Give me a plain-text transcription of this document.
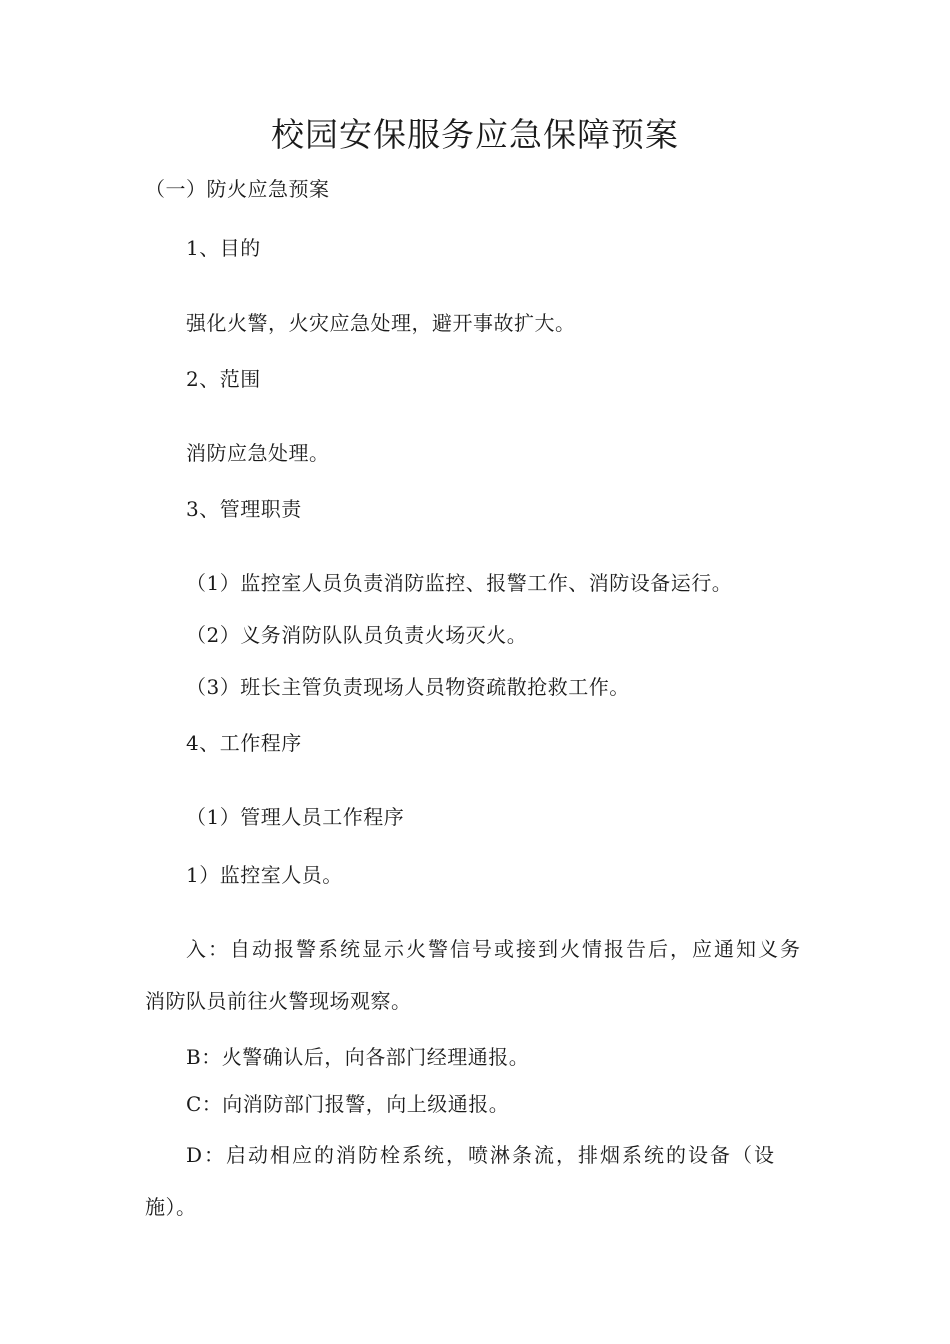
校园安保服务应急保障预案
（一）防火应急预案
1、目的
强化火警，火灾应急处理，避开事故扩大。
2、范围
消防应急处理。
3、管理职责
（1）监控室人员负责消防监控、报警工作、消防设备运行。
（2）义务消防队队员负责火场灭火。
（3）班长主管负责现场人员物资疏散抢救工作。
4、工作程序
（1）管理人员工作程序
1）监控室人员。
入：自动报警系统显示火警信号或接到火情报告后，应通知义务
消防队员前往火警现场观察。
B：火警确认后，向各部门经理通报。
C：向消防部门报警，向上级通报。
D：启动相应的消防栓系统，喷淋条流，排烟系统的设备（设
施）。
